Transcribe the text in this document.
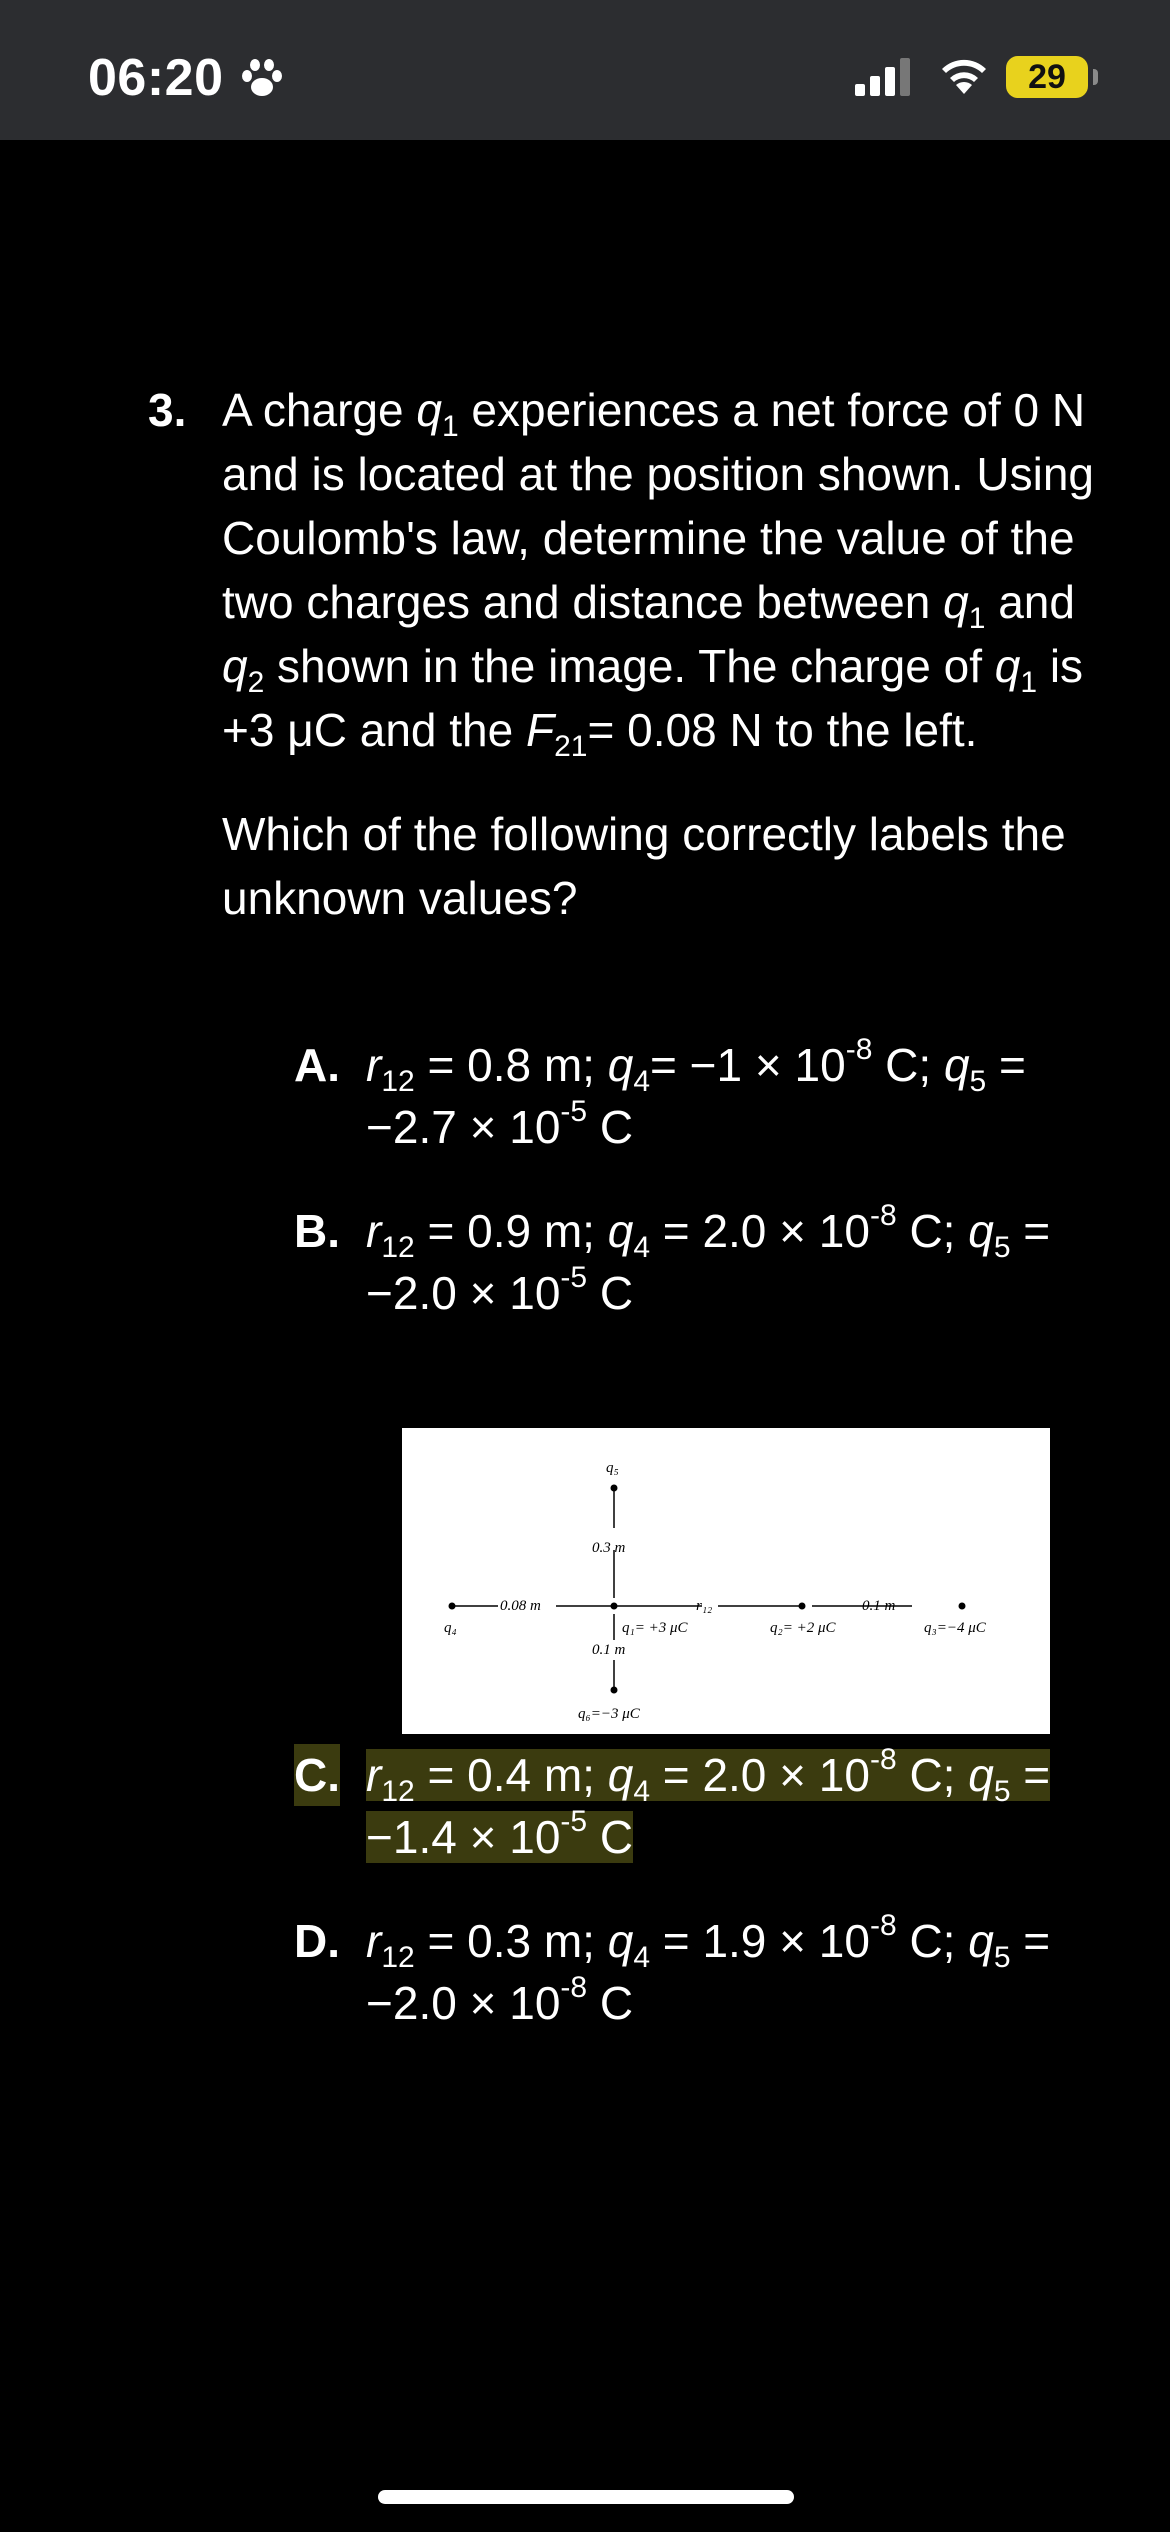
06:20	29
3. A charge $q_1$ experiences a net force of 0 N and is located at the position shown. Using Coulomb's law, determine the value of the two charges and distance between $q_1$ and $q_2$ shown in the image. The charge of $q_1$ is +3 μC and the $F_{21}= 0.08$ N to the left.
Which of the following correctly labels the unknown values?
A. $r_{12} = 0.8$ m; $q_4= -1 \times 10^{-8}$ C; $q_5 = -2.7 \times 10^{-5}$ C
B. $r_{12} = 0.9$ m; $q_4 = 2.0 \times 10^{-8}$ C; $q_5 = -2.0 \times 10^{-5}$ C
q₅
0.3 m
0.08 m
q₄
r₁₂
q₁= +3 μC	q₂= +2 μC
0.1 m
q₃=−4 μC
0.1 m
q₆=−3 μC
C. $r_{12} = 0.4$ m; $q_4 = 2.0 \times 10^{-8}$ C; $q_5$ =
$-1.4 \times 10^{-5}$ C
D. $r_{12} = 0.3$ m; $q_4 = 1.9 \times 10^{-8}$ C; $q_5 = -2.0 \times 10^{-8}$ C
